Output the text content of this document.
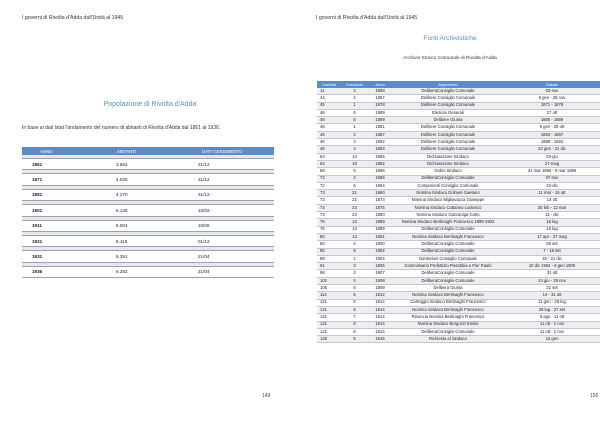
I governi di Rivolta d'Adda dall'Unità al 1945
Popolazione di Rivolta d'Adda
In base ai dati Istat l'andamento del numero di abitanti di Rivolta d'Adda dal 1861 al 1936.
ANNO	ABITANTI	DATA CENSIMENTO

1861	3.662	31/12

1871	4.025	31/12

1881	4.270	31/12

1901	5.138	10/02

1911	6.004	10/06

1921	6.116	01/12

1931	6.391	21/04

1936	6.282	21/04
149
I governi di Rivolta d'Adda dall'Unità al 1945
Fonti Archivistiche
Archivio Storico Comunale di Rivolta d'Adda
Cartella	Fascicolo	Anno	Argomento	Data/e
11	2	1868	DeliberaConsiglio Comunale	03-nov
44	4	1867	Delibere Consiglio Comunale	6 gen - 28 nov
45	1	1878	Delibere Consiglio Comunale	1871 - 1878
46	6	1889	Elezioni Generali	27 ott
46	5	1889	Delibere Giunta	1885 - 1889
46	1	1881	Delibere Consiglio Comunale	9 gen - 26 ott
46	2	1887	Delibere Consiglio Comunale	1883 - 1887
46	3	1892	Delibere Consiglio Comunale	1888 - 1892
46	4	1893	Delibere Consiglio Comunale	22 gen - 31 dic
54	13	1865	Dichiarazione Sindaco	03-giu
54	18	1862	Dichiarazione Sindaco	27-mag
68	5	1896	Ordini Sindaco	31 mar 1866 - 6 mar 1896
72	2	1866	DeliberaConsiglio Comunale	07-nov
72	6	1864	Componenti Consiglio Comunale	22-dic
73	21	1860	Nomina Sindaco Dolmeti Gaetano	11 mar - 15 ott
73	22	1873	Nomina Sindaco Migliavacca Giuseppe	14 ott
73	23	1875	Nomina Sindaco Cattaneo Lodovico	25 feb - 12 mar
73	24	1890	Nomina Sindaco Gazzaniga Carlo	11 - dic
76	13	1899	Nomina Sindaco Bertinaghi Francesco 1899-1902	16 lug
76	13	1899	DeliberaConsiglio Comunale	16 lug
80	13	1901	Nomina Sindaco Bertinaghi Francesco	17 apr - 27 mag
80	4	1900	DeliberaConsiglio Comunale	08 set
85	6	1902	DeliberaConsiglio Comunale	7 - 18 set
88	1	1904	Dimissioni Consiglio Comunale	18 - 21 dic
91	3	1905	Commissario Prefettizio Pierobbia e Pier Paolo	10 dic 1904 - 6 gen 1905
98	2	1907	DeliberaConsiglio Comunale	31 ott
102	4	1908	DeliberaConsiglio Comunale	14 giu - 28 nov
106	6	1909	Delibera Giunta	22 set
114	5	1912	Nomina Sindaco Bertinaghi Francesco	14 - 31 ott
121	5	1914	Carteggio Sindaco Bertinaghi Francesco	11 gen - 26 lug
121	6	1914	Nomina Sindaco Bertinaghi Francesco	29 lug - 27 set
121	7	1914	Rinuncia Nomina Bertinaghi Francesco	5 ago - 11 ott
121	8	1914	Nomina Sindaco Borgozzi Emilio	11 ott - 1 nov
121	8	1914	DeliberaConsiglio Comunale	11 ott - 1 nov
128	5	1915	Richiesta al Sindaco	16 gen
150
